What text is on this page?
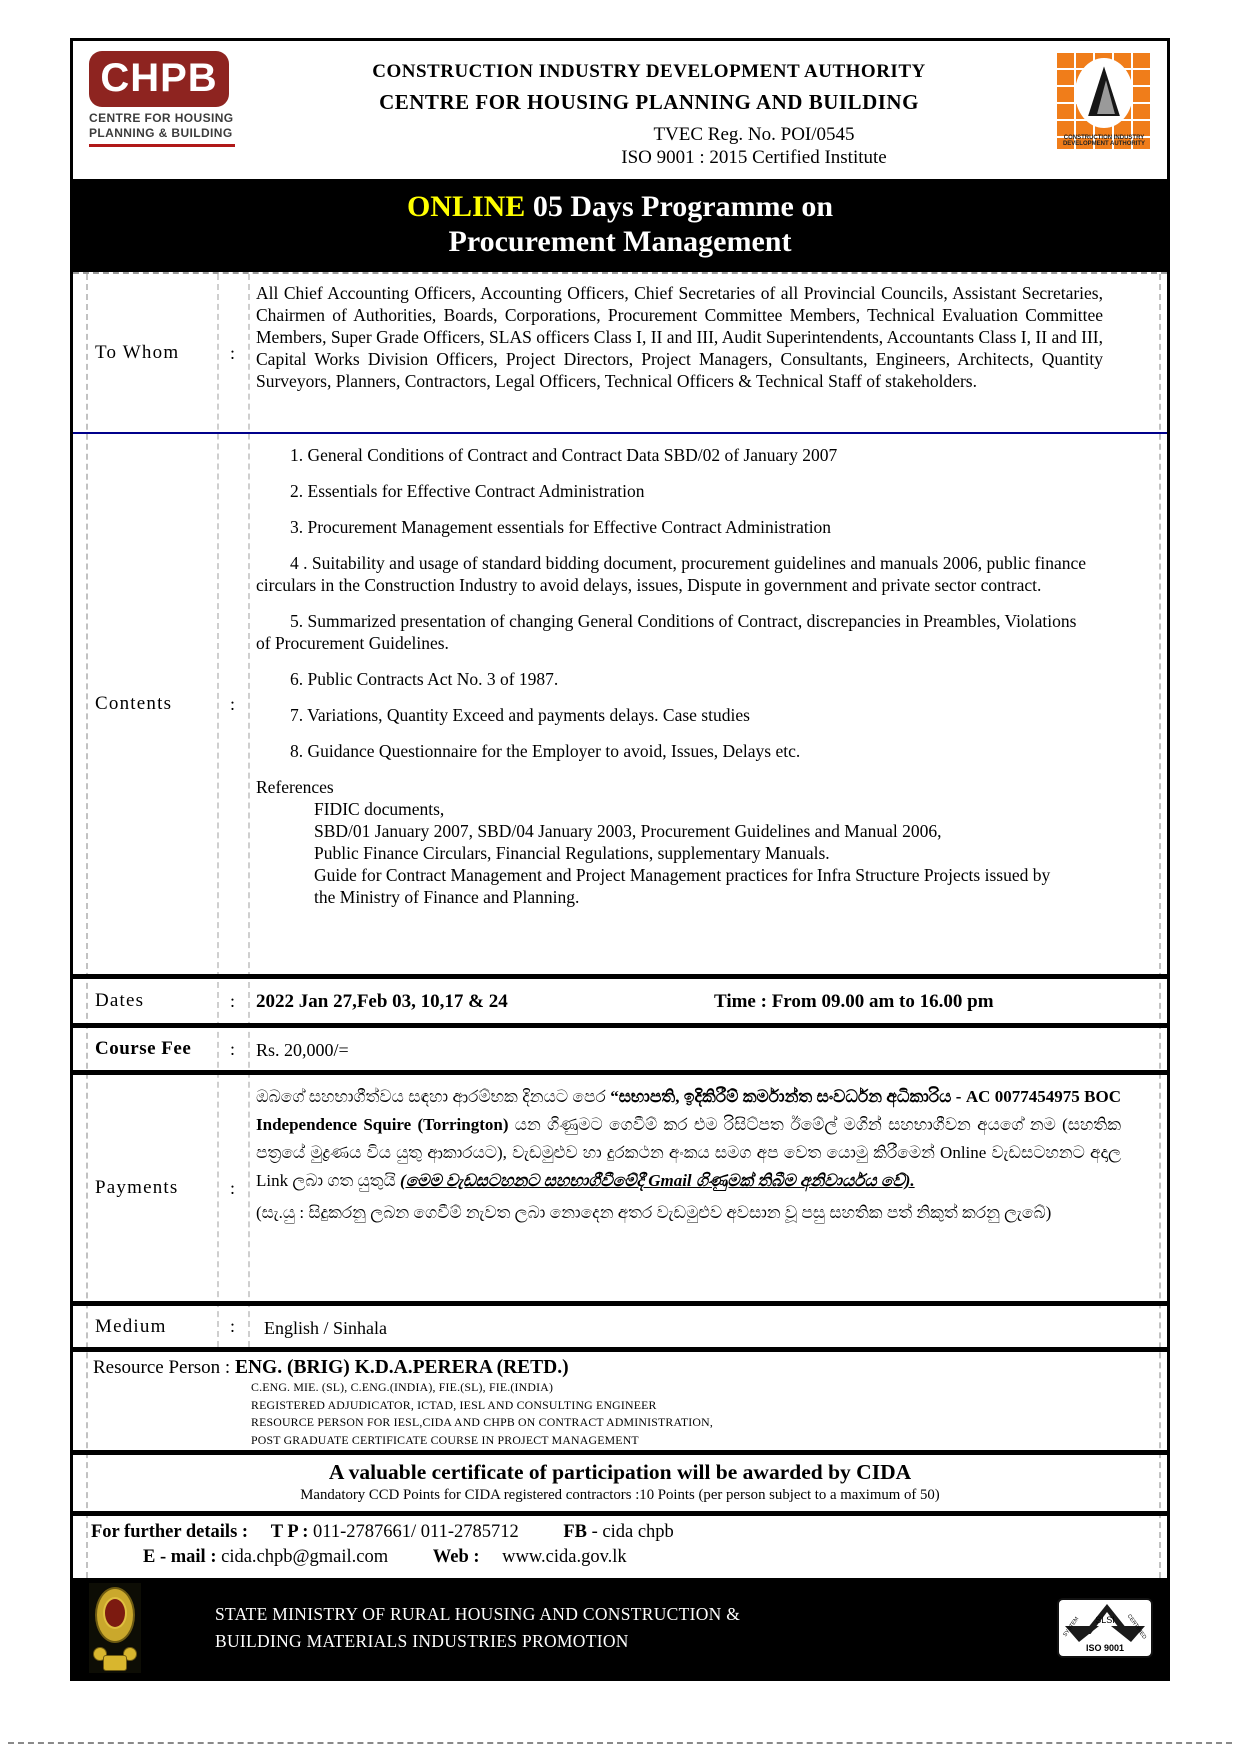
CHPB
CENTRE FOR HOUSING
PLANNING & BUILDING
CONSTRUCTION INDUSTRY DEVELOPMENT AUTHORITY
CENTRE FOR HOUSING PLANNING AND BUILDING
TVEC Reg. No. POI/0545
ISO 9001 : 2015 Certified Institute
CONSTRUCTION INDUSTRY DEVELOPMENT AUTHORITY
ONLINE 05 Days Programme on
Procurement Management
To Whom	:
All Chief Accounting Officers, Accounting Officers, Chief Secretaries of all Provincial Councils, Assistant Secretaries, Chairmen of Authorities, Boards, Corporations, Procurement Committee Members, Technical Evaluation Committee Members, Super Grade Officers, SLAS officers Class I, II and III, Audit Superintendents, Accountants Class I, II and III, Capital Works Division Officers, Project Directors, Project Managers, Consultants, Engineers, Architects, Quantity Surveyors, Planners, Contractors, Legal Officers, Technical Officers & Technical Staff of stakeholders.
Contents	:
1. General Conditions of Contract and Contract Data SBD/02 of January 2007
2. Essentials for Effective Contract Administration
3. Procurement Management essentials for Effective Contract Administration
4 . Suitability and usage of standard bidding document, procurement guidelines and manuals 2006, public finance circulars in the Construction Industry to avoid delays, issues, Dispute in government and private sector contract.
5. Summarized presentation of changing General Conditions of Contract, discrepancies in Preambles, Violations of Procurement Guidelines.
6. Public Contracts Act No. 3 of 1987.
7. Variations, Quantity Exceed and payments delays. Case studies
8. Guidance Questionnaire for the Employer to avoid, Issues, Delays etc.
References
FIDIC documents,
SBD/01 January 2007, SBD/04 January 2003, Procurement Guidelines and Manual 2006,
Public Finance Circulars, Financial Regulations, supplementary Manuals.
Guide for Contract Management and Project Management practices for Infra Structure Projects issued by the Ministry of Finance and Planning.
Dates	:	2022 Jan 27,Feb 03, 10,17 & 24	Time : From 09.00 am to 16.00 pm
Course Fee	:	Rs. 20,000/=
Payments	:
ඔබගේ සහභාගීත්වය සඳහා ආරම්භක දිනයට පෙර “සභාපති, ඉදිකිරීම් කර්මාන්ත සංවර්ධන අධිකාරිය - AC 0077454975 BOC Independence Squire (Torrington) යන ගිණුමට ගෙවීම් කර එම රිසිට්පත ඊමේල් මගින් සහභාගීවන අයගේ නම (සහතික පත්‍රයේ මුද්‍රණය විය යුතු ආකාරයට), වැඩමුළුව හා දුරකථන අංකය සමග අප වෙත යොමු කිරීමෙන් Online වැඩසටහනට අදාල Link ලබා ගත යුතුයි (මෙම වැඩසටහනට සහභාගීවීමේදී Gmail ගිණුමක් තිබීම අනිවාර්යය වේ).
(සැ.යු : සිදුකරනු ලබන ගෙවීම් නැවත ලබා නොදෙන අතර වැඩමුළුව අවසාන වූ පසු සහතික පත් නිකුත් කරනු ලැබේ)
Medium	:	English / Sinhala
Resource Person : ENG. (BRIG) K.D.A.PERERA (RETD.)
C.ENG. MIE. (SL), C.ENG.(INDIA), FIE.(SL), FIE.(INDIA)
REGISTERED ADJUDICATOR, ICTAD, IESL AND CONSULTING ENGINEER
RESOURCE PERSON FOR IESL,CIDA AND CHPB ON CONTRACT ADMINISTRATION,
POST GRADUATE CERTIFICATE COURSE IN PROJECT MANAGEMENT
A valuable certificate of participation will be awarded by CIDA
Mandatory CCD Points for CIDA registered contractors :10 Points (per person subject to a maximum of 50)
For further details : T P : 011-2787661/ 011-2785712 FB - cida chpb
E - mail : cida.chpb@gmail.com Web : www.cida.gov.lk
STATE MINISTRY OF RURAL HOUSING AND CONSTRUCTION &
BUILDING MATERIALS INDUSTRIES PROMOTION
SLSI
SYSTEM	CERTIFIED
ISO 9001
